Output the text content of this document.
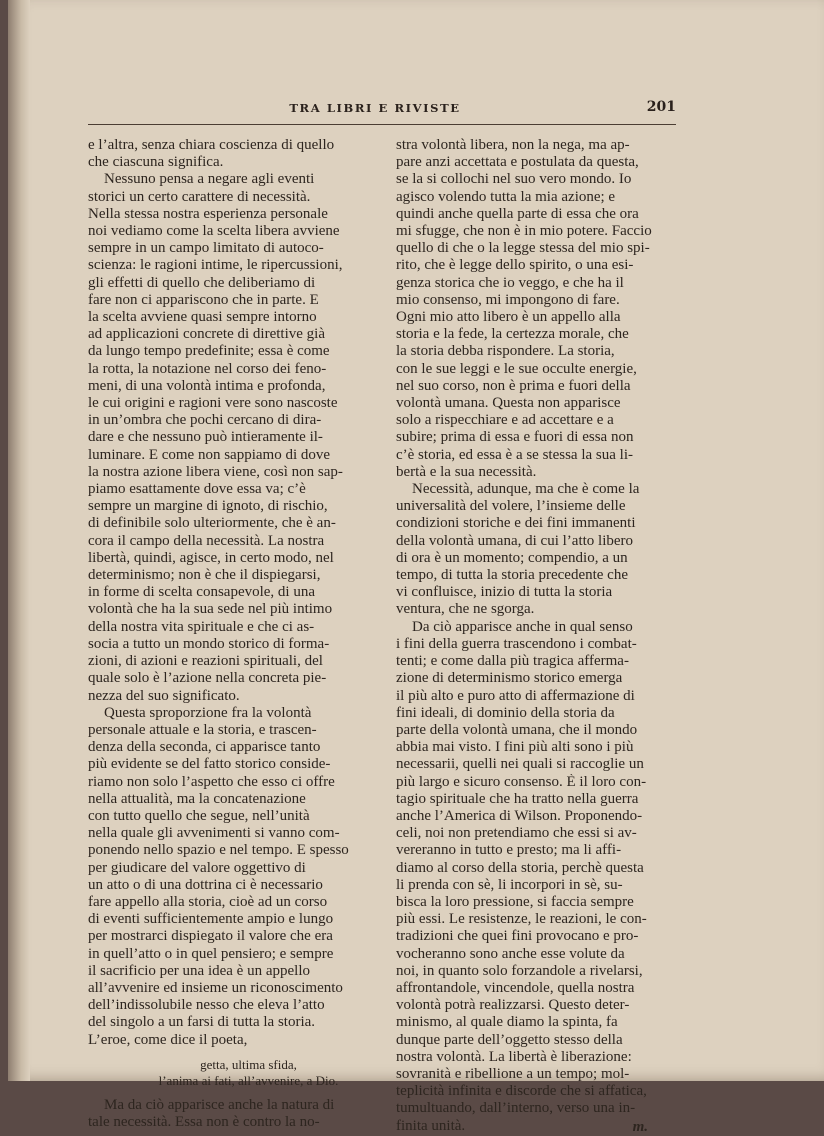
TRA LIBRI E RIVISTE	201
e l’altra, senza chiara coscienza di quello
che ciascuna significa.
Nessuno pensa a negare agli eventi
storici un certo carattere di necessità.
Nella stessa nostra esperienza personale
noi vediamo come la scelta libera avviene
sempre in un campo limitato di autoco-
scienza: le ragioni intime, le ripercussioni,
gli effetti di quello che deliberiamo di
fare non ci appariscono che in parte. E
la scelta avviene quasi sempre intorno
ad applicazioni concrete di direttive già
da lungo tempo predefinite; essa è come
la rotta, la notazione nel corso dei feno-
meni, di una volontà intima e profonda,
le cui origini e ragioni vere sono nascoste
in un’ombra che pochi cercano di dira-
dare e che nessuno può intieramente il-
luminare. E come non sappiamo di dove
la nostra azione libera viene, così non sap-
piamo esattamente dove essa va; c’è
sempre un margine di ignoto, di rischio,
di definibile solo ulteriormente, che è an-
cora il campo della necessità. La nostra
libertà, quindi, agisce, in certo modo, nel
determinismo; non è che il dispiegarsi,
in forme di scelta consapevole, di una
volontà che ha la sua sede nel più intimo
della nostra vita spirituale e che ci as-
socia a tutto un mondo storico di forma-
zioni, di azioni e reazioni spirituali, del
quale solo è l’azione nella concreta pie-
nezza del suo significato.
Questa sproporzione fra la volontà
personale attuale e la storia, e trascen-
denza della seconda, ci apparisce tanto
più evidente se del fatto storico conside-
riamo non solo l’aspetto che esso ci offre
nella attualità, ma la concatenazione
con tutto quello che segue, nell’unità
nella quale gli avvenimenti si vanno com-
ponendo nello spazio e nel tempo. E spesso
per giudicare del valore oggettivo di
un atto o di una dottrina ci è necessario
fare appello alla storia, cioè ad un corso
di eventi sufficientemente ampio e lungo
per mostrarci dispiegato il valore che era
in quell’atto o in quel pensiero; e sempre
il sacrificio per una idea è un appello
all’avvenire ed insieme un riconoscimento
dell’indissolubile nesso che eleva l’atto
del singolo a un farsi di tutta la storia.
L’eroe, come dice il poeta,
getta, ultima sfida,
l’anima ai fati, all’avvenire, a Dio.
Ma da ciò apparisce anche la natura di
tale necessità. Essa non è contro la no-
stra volontà libera, non la nega, ma ap-
pare anzi accettata e postulata da questa,
se la si collochi nel suo vero mondo. Io
agisco volendo tutta la mia azione; e
quindi anche quella parte di essa che ora
mi sfugge, che non è in mio potere. Faccio
quello di che o la legge stessa del mio spi-
rito, che è legge dello spirito, o una esi-
genza storica che io veggo, e che ha il
mio consenso, mi impongono di fare.
Ogni mio atto libero è un appello alla
storia e la fede, la certezza morale, che
la storia debba rispondere. La storia,
con le sue leggi e le sue occulte energie,
nel suo corso, non è prima e fuori della
volontà umana. Questa non apparisce
solo a rispecchiare e ad accettare e a
subire; prima di essa e fuori di essa non
c’è storia, ed essa è a se stessa la sua li-
bertà e la sua necessità.
Necessità, adunque, ma che è come la
universalità del volere, l’insieme delle
condizioni storiche e dei fini immanenti
della volontà umana, di cui l’atto libero
di ora è un momento; compendio, a un
tempo, di tutta la storia precedente che
vi confluisce, inizio di tutta la storia
ventura, che ne sgorga.
Da ciò apparisce anche in qual senso
i fini della guerra trascendono i combat-
tenti; e come dalla più tragica afferma-
zione di determinismo storico emerga
il più alto e puro atto di affermazione di
fini ideali, di dominio della storia da
parte della volontà umana, che il mondo
abbia mai visto. I fini più alti sono i più
necessarii, quelli nei quali si raccoglie un
più largo e sicuro consenso. È il loro con-
tagio spirituale che ha tratto nella guerra
anche l’America di Wilson. Proponendo-
celi, noi non pretendiamo che essi si av-
vereranno in tutto e presto; ma li affi-
diamo al corso della storia, perchè questa
li prenda con sè, li incorpori in sè, su-
bisca la loro pressione, si faccia sempre
più essi. Le resistenze, le reazioni, le con-
tradizioni che quei fini provocano e pro-
vocheranno sono anche esse volute da
noi, in quanto solo forzandole a rivelarsi,
affrontandole, vincendole, quella nostra
volontà potrà realizzarsi. Questo deter-
minismo, al quale diamo la spinta, fa
dunque parte dell’oggetto stesso della
nostra volontà. La libertà è liberazione:
sovranità e ribellione a un tempo; mol-
teplicità infinita e discorde che si affatica,
tumultuando, dall’interno, verso una in-
finita unità.	m.
